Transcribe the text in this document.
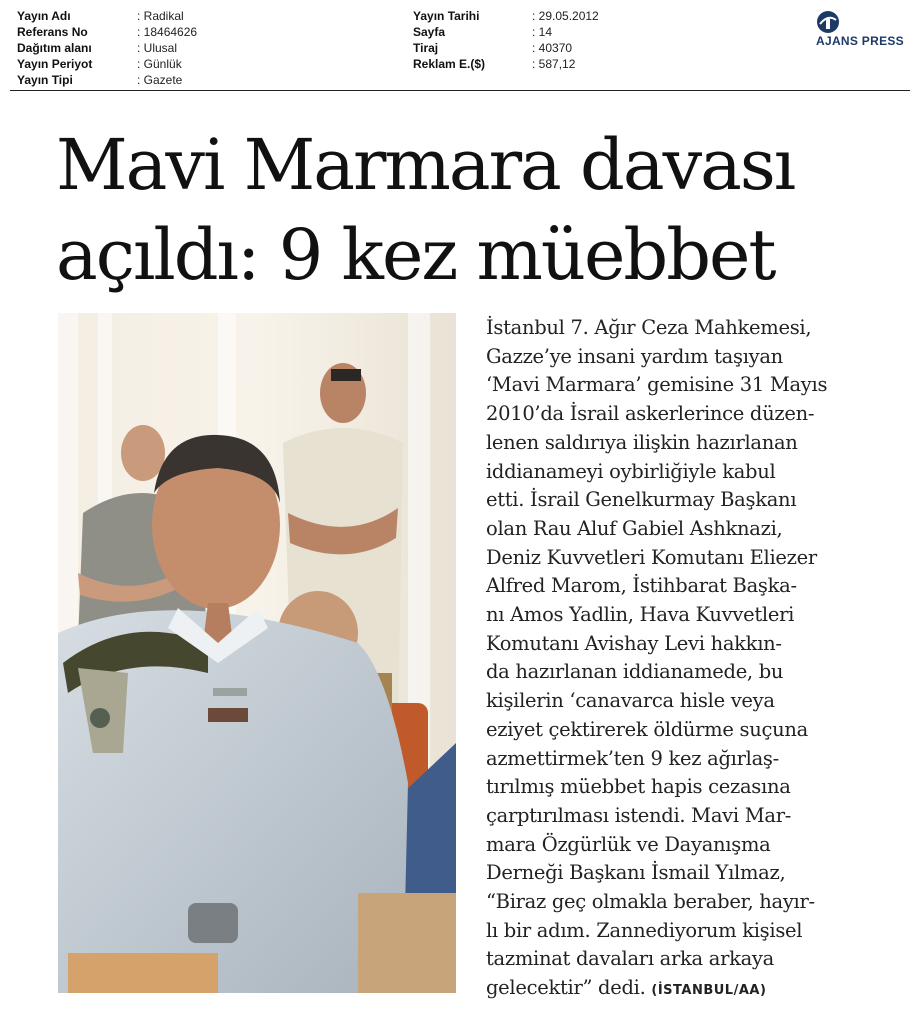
Yayın Adı	: Radikal
Referans No	: 18464626
Dağıtım alanı	: Ulusal
Yayın Periyot	: Günlük
Yayın Tipi	: Gazete
Yayın Tarihi	: 29.05.2012
Sayfa	: 14
Tiraj	: 40370
Reklam E.($)	: 587,12
AJANS PRESS
Mavi Marmara davası
açıldı: 9 kez müebbet
İstanbul 7. Ağır Ceza Mahkemesi,
Gazze’ye insani yardım taşıyan
‘Mavi Marmara’ gemisine 31 Mayıs
2010’da İsrail askerlerince düzen-
lenen saldırıya ilişkin hazırlanan
iddianameyi oybirliğiyle kabul
etti. İsrail Genelkurmay Başkanı
olan Rau Aluf Gabiel Ashknazi,
Deniz Kuvvetleri Komutanı Eliezer
Alfred Marom, İstihbarat Başka-
nı Amos Yadlin, Hava Kuvvetleri
Komutanı Avishay Levi hakkın-
da hazırlanan iddianamede, bu
kişilerin ‘canavarca hisle veya
eziyet çektirerek öldürme suçuna
azmettirmek’ten 9 kez ağırlaş-
tırılmış müebbet hapis cezasına
çarptırılması istendi. Mavi Mar-
mara Özgürlük ve Dayanışma
Derneği Başkanı İsmail Yılmaz,
“Biraz geç olmakla beraber, hayır-
lı bir adım. Zannediyorum kişisel
tazminat davaları arka arkaya
gelecektir” dedi. (İSTANBUL/AA)
